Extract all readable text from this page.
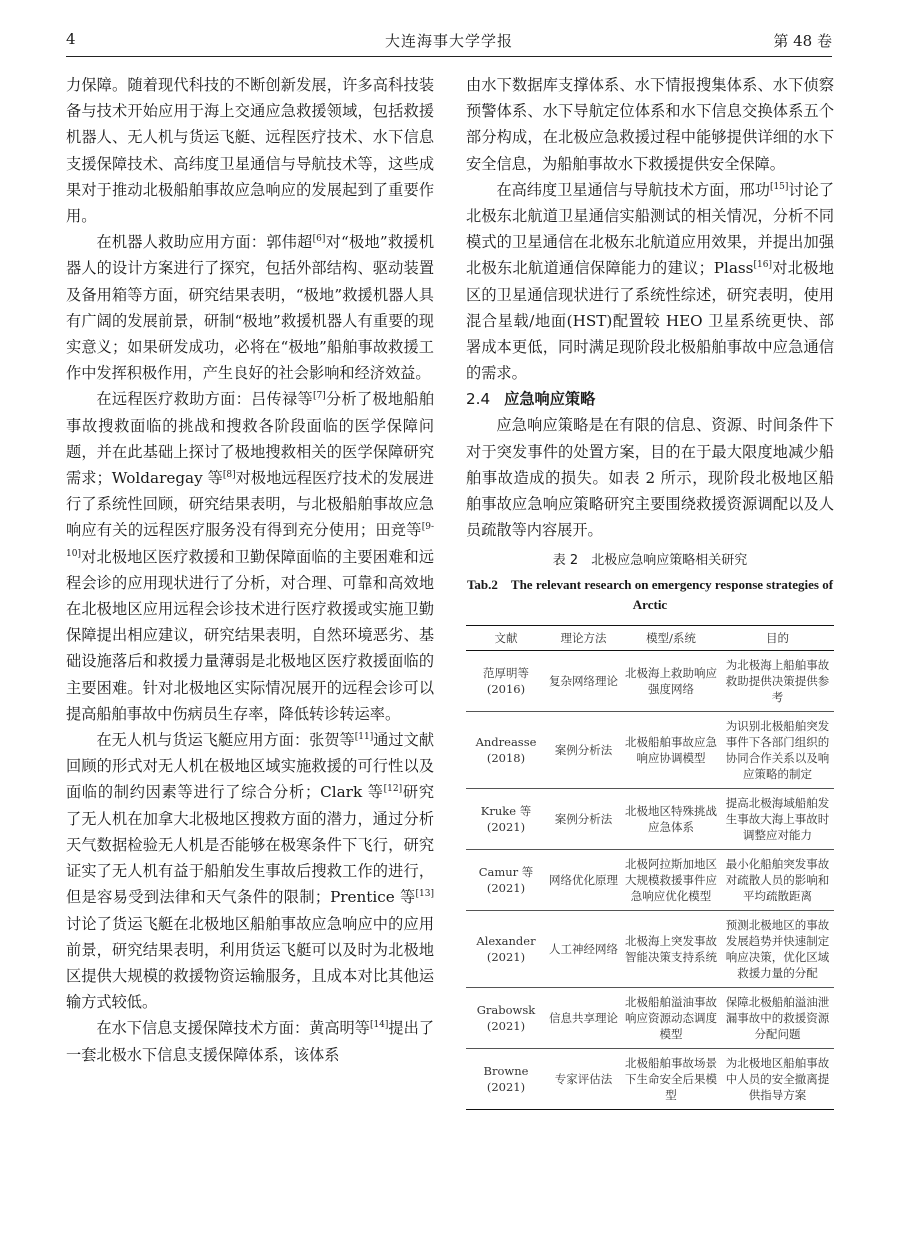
4	大连海事大学学报	第 48 卷

力保障。随着现代科技的不断创新发展，许多高科技装备与技术开始应用于海上交通应急救援领域，包括救援机器人、无人机与货运飞艇、远程医疗技术、水下信息支援保障技术、高纬度卫星通信与导航技术等，这些成果对于推动北极船舶事故应急响应的发展起到了重要作用。

在机器人救助应用方面：郭伟超[6]对“极地”救援机器人的设计方案进行了探究，包括外部结构、驱动装置及备用箱等方面，研究结果表明，“极地”救援机器人具有广阔的发展前景，研制“极地”救援机器人有重要的现实意义；如果研发成功，必将在“极地”船舶事故救援工作中发挥积极作用，产生良好的社会影响和经济效益。

在远程医疗救助方面：吕传禄等[7]分析了极地船舶事故搜救面临的挑战和搜救各阶段面临的医学保障问题，并在此基础上探讨了极地搜救相关的医学保障研究需求；Woldaregay 等[8]对极地远程医疗技术的发展进行了系统性回顾，研究结果表明，与北极船舶事故应急响应有关的远程医疗服务没有得到充分使用；田竞等[9-10]对北极地区医疗救援和卫勤保障面临的主要困难和远程会诊的应用现状进行了分析，对合理、可靠和高效地在北极地区应用远程会诊技术进行医疗救援或实施卫勤保障提出相应建议，研究结果表明，自然环境恶劣、基础设施落后和救援力量薄弱是北极地区医疗救援面临的主要困难。针对北极地区实际情况展开的远程会诊可以提高船舶事故中伤病员生存率，降低转诊转运率。

在无人机与货运飞艇应用方面：张贺等[11]通过文献回顾的形式对无人机在极地区域实施救援的可行性以及面临的制约因素等进行了综合分析；Clark 等[12]研究了无人机在加拿大北极地区搜救方面的潜力，通过分析天气数据检验无人机是否能够在极寒条件下飞行，研究证实了无人机有益于船舶发生事故后搜救工作的进行，但是容易受到法律和天气条件的限制；Prentice 等[13]讨论了货运飞艇在北极地区船舶事故应急响应中的应用前景，研究结果表明，利用货运飞艇可以及时为北极地区提供大规模的救援物资运输服务，且成本对比其他运输方式较低。

在水下信息支援保障技术方面：黄高明等[14]提出了一套北极水下信息支援保障体系，该体系

由水下数据库支撑体系、水下情报搜集体系、水下侦察预警体系、水下导航定位体系和水下信息交换体系五个部分构成，在北极应急救援过程中能够提供详细的水下安全信息，为船舶事故水下救援提供安全保障。

在高纬度卫星通信与导航技术方面，邢功[15]讨论了北极东北航道卫星通信实船测试的相关情况，分析不同模式的卫星通信在北极东北航道应用效果，并提出加强北极东北航道通信保障能力的建议；Plass[16]对北极地区的卫星通信现状进行了系统性综述，研究表明，使用混合星载/地面(HST)配置较 HEO 卫星系统更快、部署成本更低，同时满足现阶段北极船舶事故中应急通信的需求。

2.4 应急响应策略

应急响应策略是在有限的信息、资源、时间条件下对于突发事件的处置方案，目的在于最大限度地减少船舶事故造成的损失。如表 2 所示，现阶段北极地区船舶事故应急响应策略研究主要围绕救援资源调配以及人员疏散等内容展开。

表 2　北极应急响应策略相关研究
Tab.2　The relevant research on emergency response strategies of Arctic
文献	理论方法	模型/系统	目的
范厚明等 (2016)	复杂网络理论	北极海上救助响应强度网络	为北极海上船舶事故救助提供决策提供参考
Andreasse (2018)	案例分析法	北极船舶事故应急响应协调模型	为识别北极船舶突发事件下各部门组织的协同合作关系以及响应策略的制定
Kruke 等 (2021)	案例分析法	北极地区特殊挑战应急体系	提高北极海域船舶发生事故大海上事故时调整应对能力
Camur 等 (2021)	网络优化原理	北极阿拉斯加地区大规模救援事件应急响应优化模型	最小化船舶突发事故对疏散人员的影响和平均疏散距离
Alexander (2021)	人工神经网络	北极海上突发事故智能决策支持系统	预测北极地区的事故发展趋势并快速制定响应决策，优化区域救援力量的分配
Grabowsk (2021)	信息共享理论	北极船舶溢油事故响应资源动态调度模型	保障北极船舶溢油泄漏事故中的救援资源分配问题
Browne (2021)	专家评估法	北极船舶事故场景下生命安全后果模型	为北极地区船舶事故中人员的安全撤离提供指导方案
